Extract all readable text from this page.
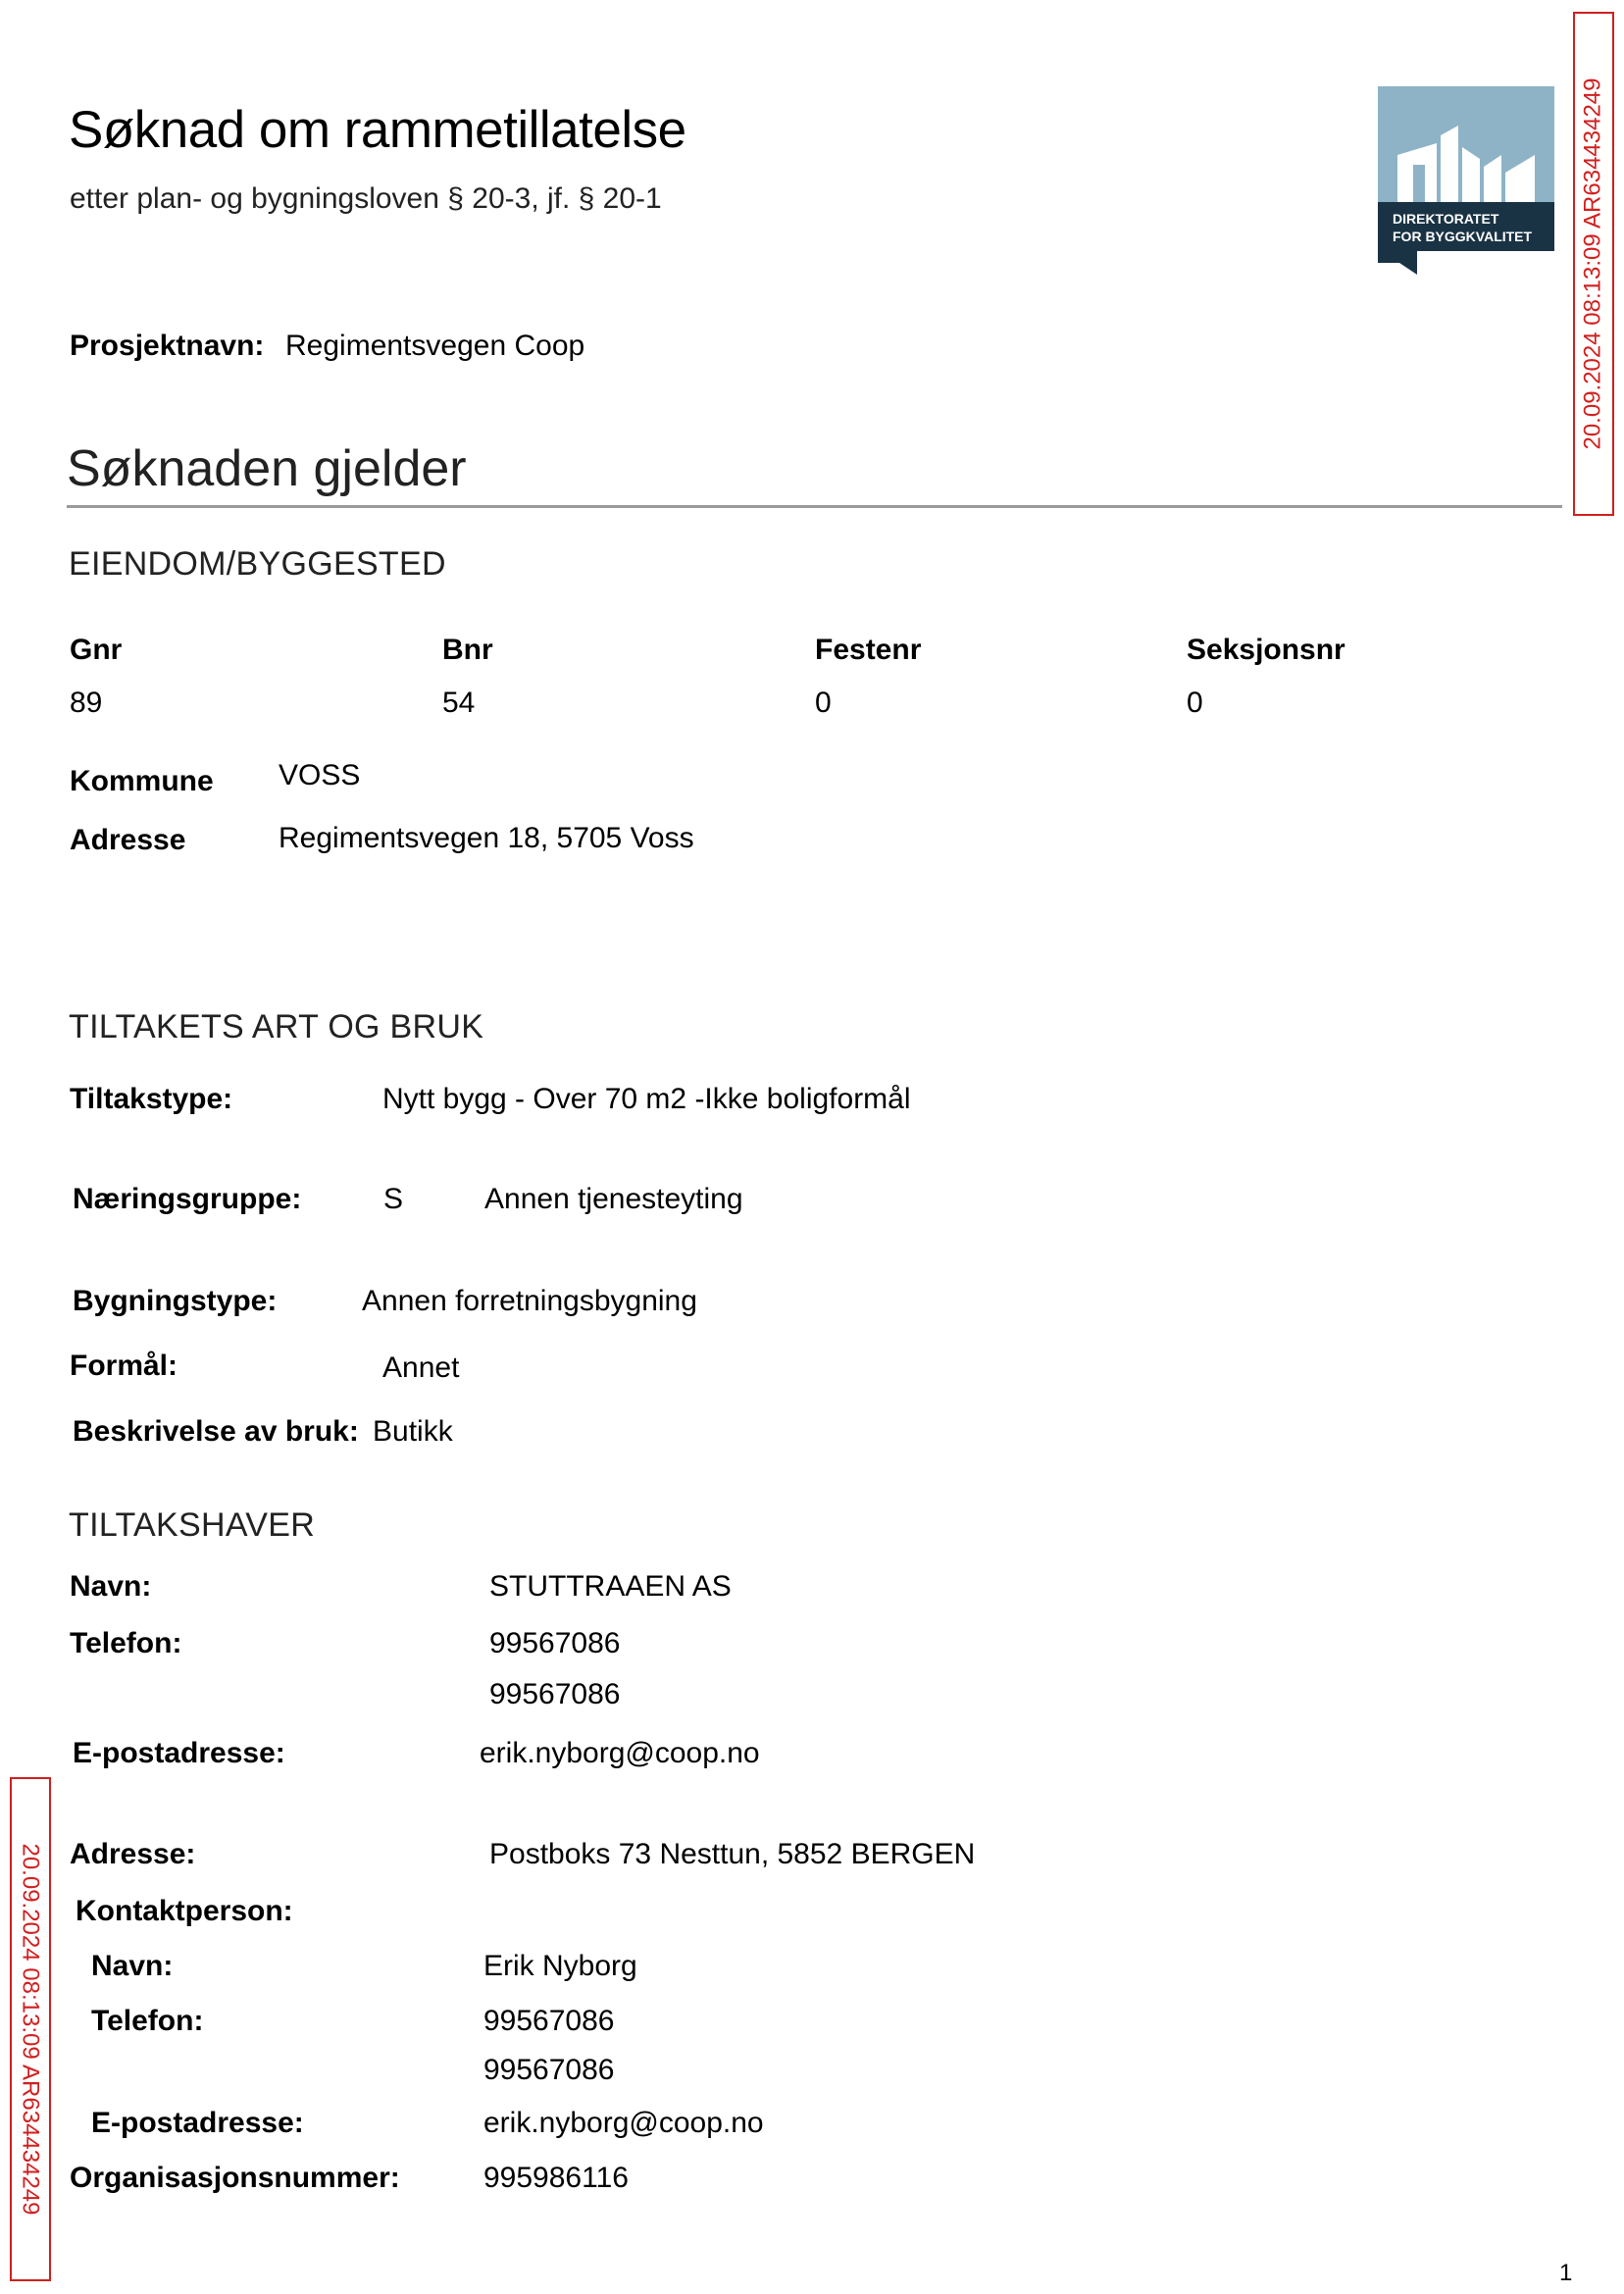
Søknad om rammetillatelse
etter plan- og bygningsloven § 20-3, jf. § 20-1
DIREKTORATET
FOR BYGGKVALITET 20.09.2024 08:13:09 AR634434249
20.09.2024 08:13:09 AR634434249
Prosjektnavn: Regimentsvegen Coop
Søknaden gjelder
EIENDOM/BYGGESTED
Gnr	Bnr	Festenr	Seksjonsnr
89	54	0	0
Kommune VOSS
Adresse	Regimentsvegen 18, 5705 Voss
TILTAKETS ART OG BRUK
Tiltakstype:	Nytt bygg - Over 70 m2 -Ikke boligformål
Næringsgruppe:	S	Annen tjenesteyting
Bygningstype:	Annen forretningsbygning
Formål:	Annet
Beskrivelse av bruk: Butikk
TILTAKSHAVER
Navn:	STUTTRAAEN AS
Telefon:	99567086
99567086
E-postadresse:	erik.nyborg@coop.no
Adresse:	Postboks 73 Nesttun, 5852 BERGEN
Kontaktperson:
Navn:	Erik Nyborg
Telefon:	99567086
99567086
E-postadresse:	erik.nyborg@coop.no
Organisasjonsnummer:	995986116
1
